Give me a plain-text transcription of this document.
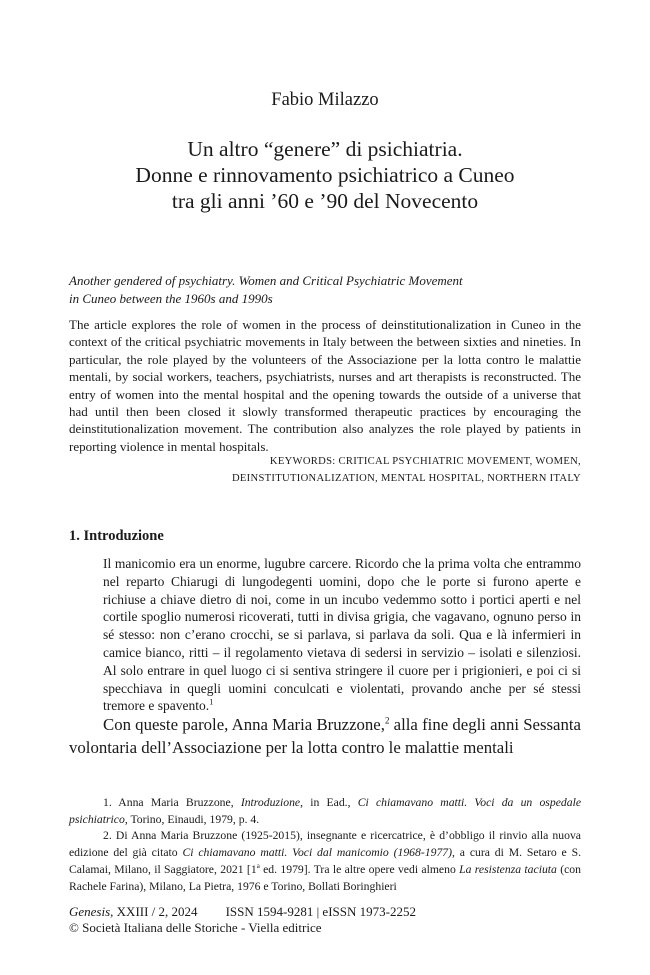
Fabio Milazzo
Un altro “genere” di psichiatria.
Donne e rinnovamento psichiatrico a Cuneo
tra gli anni ’60 e ’90 del Novecento
Another gendered of psychiatry. Women and Critical Psychiatric Movement
in Cuneo between the 1960s and 1990s
The article explores the role of women in the process of deinstitutionalization in Cuneo in the context of the critical psychiatric movements in Italy between the between sixties and nineties. In particular, the role played by the volunteers of the Associazione per la lotta contro le malattie mentali, by social workers, teachers, psychiatrists, nurses and art therapists is reconstructed. The entry of women into the mental hospital and the opening towards the outside of a universe that had until then been closed it slowly transformed therapeutic practices by encouraging the deinstitutionalization movement. The contribution also analyzes the role played by patients in reporting violence in mental hospitals.
KEYWORDS: CRITICAL PSYCHIATRIC MOVEMENT, WOMEN,
DEINSTITUTIONALIZATION, MENTAL HOSPITAL, NORTHERN ITALY
1. Introduzione
Il manicomio era un enorme, lugubre carcere. Ricordo che la prima volta che entrammo nel reparto Chiarugi di lungodegenti uomini, dopo che le porte si furono aperte e richiuse a chiave dietro di noi, come in un incubo vedemmo sotto i portici aperti e nel cortile spoglio numerosi ricoverati, tutti in divisa grigia, che vagavano, ognuno perso in sé stesso: non c’erano crocchi, se si parlava, si parlava da soli. Qua e là infermieri in camice bianco, ritti – il regolamento vietava di sedersi in servizio – isolati e silenziosi. Al solo entrare in quel luogo ci si sentiva stringere il cuore per i prigionieri, e poi ci si specchiava in quegli uomini conculcati e violentati, provando anche per sé stessi tremore e spavento.$^1$
Con queste parole, Anna Maria Bruzzone,$^2$ alla fine degli anni Sessanta volontaria dell’Associazione per la lotta contro le malattie mentali
1. Anna Maria Bruzzone, Introduzione, in Ead., Ci chiamavano matti. Voci da un ospedale psichiatrico, Torino, Einaudi, 1979, p. 4.
2. Di Anna Maria Bruzzone (1925-2015), insegnante e ricercatrice, è d’obbligo il rinvio alla nuova edizione del già citato Ci chiamavano matti. Voci dal manicomio (1968-1977), a cura di M. Setaro e S. Calamai, Milano, il Saggiatore, 2021 [1$^a$ ed. 1979]. Tra le altre opere vedi almeno La resistenza taciuta (con Rachele Farina), Milano, La Pietra, 1976 e Torino, Bollati Boringhieri
Genesis, XXIII / 2, 2024 ISSN 1594-9281 | eISSN 1973-2252
© Società Italiana delle Storiche - Viella editrice
